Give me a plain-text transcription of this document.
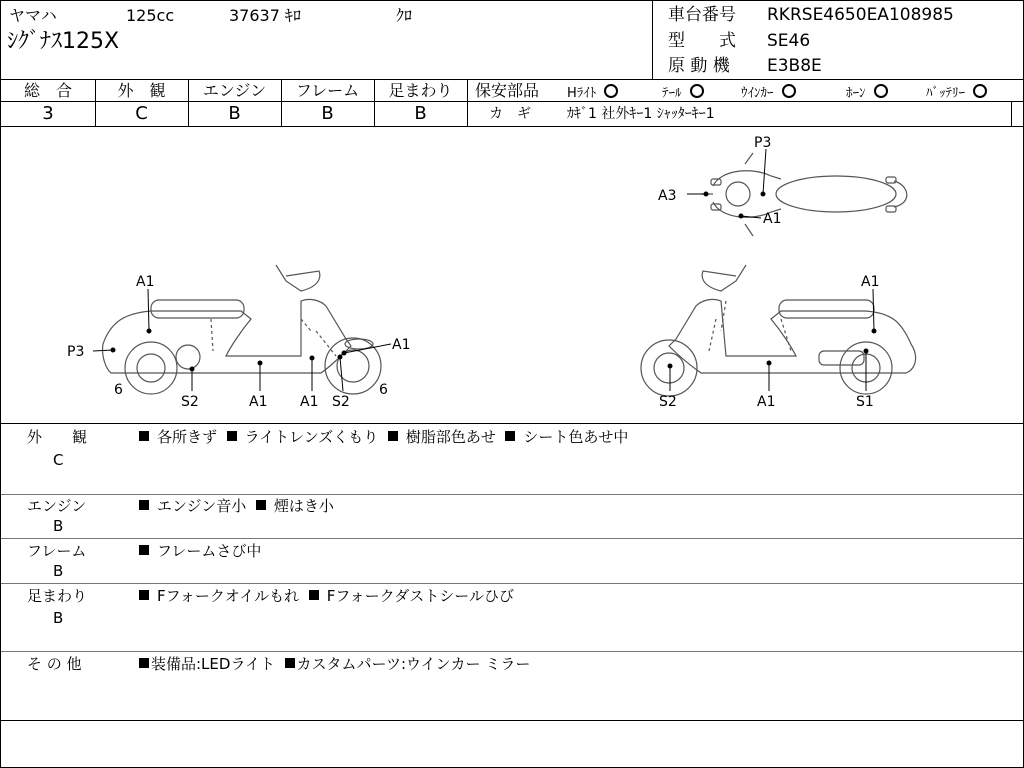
ヤマハ	125cc	37637 ｷﾛ	ｸﾛ
ｼｸﾞﾅｽ125X
車台番号 RKRSE4650EA108985
型　　式 SE46
原 動 機 E3B8E
総　合	外　観	エンジン	フレーム	足まわり
3	C	B	B	B
保安部品 Hﾗｲﾄ	ﾃｰﾙ	ｳｲﾝｶｰ	ﾎｰﾝ	ﾊﾞｯﾃﾘｰ
カ　ギ	ｶｷﾞ1 社外ｷｰ1 ｼｬｯﾀｰｷｰ1
P3
A3
A1
A1
P3
6
A1
6
S2	A1 A1 S2
A1
S2	A1	S1
外　　観
C
各所きず ライトレンズくもり 樹脂部色あせ シート色あせ中
エンジン
B
エンジン音小 煙はき小
フレーム
B
フレームさび中
足まわり
B
Fフォークオイルもれ Fフォークダストシールひび
そ の 他	装備品:LEDライト カスタムパーツ:ウインカー ミラー
